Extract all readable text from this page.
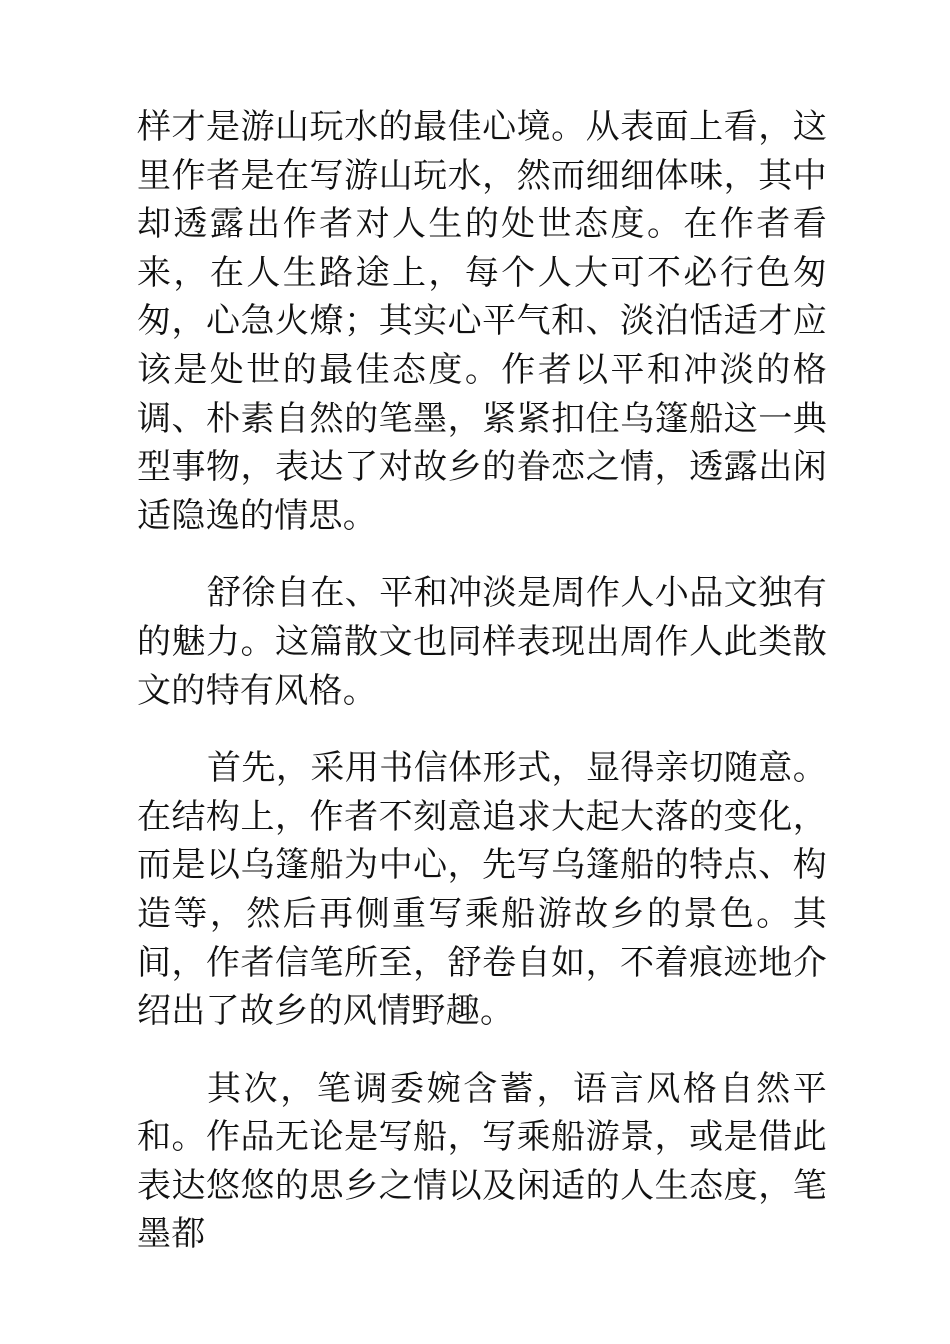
样才是游山玩水的最佳心境。从表面上看，这里作者是在写游山玩水，然而细细体味，其中却透露出作者对人生的处世态度。在作者看来，在人生路途上，每个人大可不必行色匆匆，心急火燎；其实心平气和、淡泊恬适才应该是处世的最佳态度。作者以平和冲淡的格调、朴素自然的笔墨，紧紧扣住乌篷船这一典型事物，表达了对故乡的眷恋之情，透露出闲适隐逸的情思。

舒徐自在、平和冲淡是周作人小品文独有的魅力。这篇散文也同样表现出周作人此类散文的特有风格。

首先，采用书信体形式，显得亲切随意。在结构上，作者不刻意追求大起大落的变化，而是以乌篷船为中心，先写乌篷船的特点、构造等，然后再侧重写乘船游故乡的景色。其间，作者信笔所至，舒卷自如，不着痕迹地介绍出了故乡的风情野趣。

其次，笔调委婉含蓄，语言风格自然平和。作品无论是写船，写乘船游景，或是借此表达悠悠的思乡之情以及闲适的人生态度，笔墨都
